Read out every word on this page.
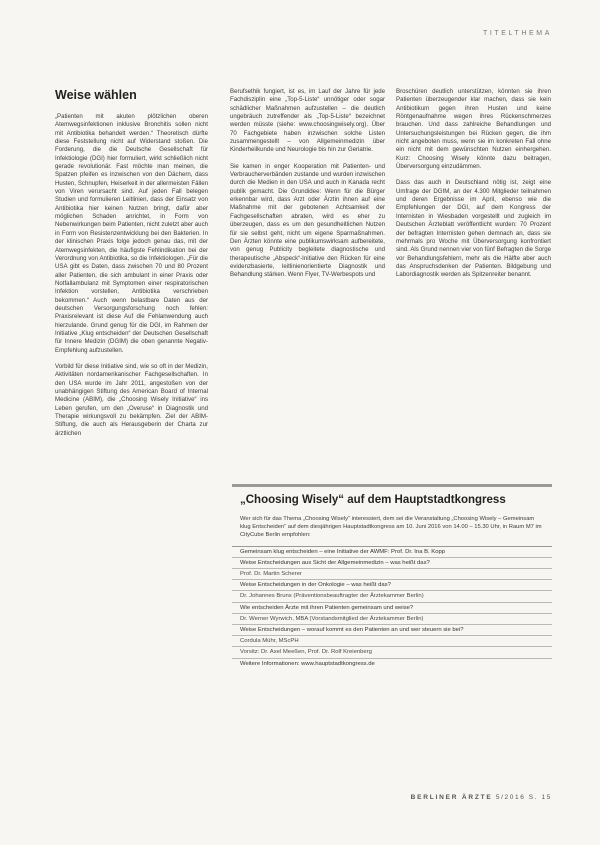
TITELTHEMA
Weise wählen

„Patienten mit akuten plötzlichen oberen Atemwegsinfektionen inklusive Bronchitis sollen nicht mit Antibiotika behandelt werden.“ Theoretisch dürfte diese Feststellung nicht auf Widerstand stoßen. Die Forderung, die die Deutsche Gesellschaft für Infektiologie (DGI) hier formuliert, wirkt schließlich nicht gerade revolutionär. Fast möchte man meinen, die Spatzen pfeifen es inzwischen von den Dächern, dass Husten, Schnupfen, Heiserkeit in der allermeisten Fällen von Viren verursacht sind. Auf jeden Fall belegen Studien und formulieren Leitlinien, dass der Einsatz von Antibiotika hier keinen Nutzen bringt, dafür aber möglichen Schaden anrichtet, in Form von Nebenwirkungen beim Patienten, nicht zuletzt aber auch in Form von Resistenzentwicklung bei den Bakterien. In der klinischen Praxis folge jedoch genau das, mit der Atemwegsinfekten, die häufigste Fehlindikation bei der Verordnung von Antibiotika, so die Infektiologen. „Für die USA gibt es Daten, dass zwischen 70 und 80 Prozent aller Patienten, die sich ambulant in einer Praxis oder Notfallambulanz mit Symptomen einer respiratorischen Infektion vorstellen, Antibiotika verschrieben bekommen.“ Auch wenn belastbare Daten aus der deutschen Versorgungsforschung noch fehlen: Praxisrelevant ist diese Auf die Fehlanwendung auch hierzulande. Grund genug für die DGI, im Rahmen der Initiative „Klug entscheiden“ der Deutschen Gesellschaft für Innere Medizin (DGIM) die oben genannte Negativ-Empfehlung aufzustellen.

Vorbild für diese Initiative sind, wie so oft in der Medizin, Aktivitäten nordamerikanischer Fachgesellschaften. In den USA wurde im Jahr 2011, angestoßen von der unabhängigen Stiftung des American Board of Internal Medicine (ABIM), die „Choosing Wisely Initiative“ ins Leben gerufen, um den „Overuse“ in Diagnostik und Therapie wirkungsvoll zu bekämpfen. Ziel der ABIM-Stiftung, die auch als Herausgeberin der Charta zur ärztlichen

Berufsethik fungiert, ist es, im Lauf der Jahre für jede Fachdisziplin eine „Top-5-Liste“ unnötiger oder sogar schädlicher Maßnahmen aufzustellen – die deutlich ungebräuch zutreffender als „Top-5-Liste“ bezeichnet werden müsste (siehe: www.choosingwisely.org). Über 70 Fachgebiete haben inzwischen solche Listen zusammengestellt – von Allgemeinmedizin über Kinderheilkunde und Neurologie bis hin zur Geriatrie.

Sie kamen in enger Kooperation mit Patienten- und Verbraucherverbänden zustande und wurden inzwischen durch die Medien in den USA und auch in Kanada recht publik gemacht. Die Grundidee: Wenn für die Bürger erkennbar wird, dass Arzt oder Ärztin ihnen auf eine Maßnahme mit der gebotenen Achtsamkeit der Fachgesellschaften abraten, wird es eher zu überzeugen, dass es um den gesundheitlichen Nutzen für sie selbst geht, nicht um eigene Sparmaßnahmen. Den Ärzten könnte eine publikumswirksam aufbereitete, von genug Publicity begleitete diagnostische und therapeutische „Abspeck“-Initiative den Rücken für eine evidenzbasierte, leitlinienorientierte Diagnostik und Behandlung stärken. Wenn Flyer, TV-Werbespots und

Broschüren deutlich unterstützen, könnten sie ihren Patienten überzeugender klar machen, dass sie kein Antibiotikum gegen ihren Husten und keine Röntgenaufnahme wegen ihres Rückenschmerzes brauchen. Und dass zahlreiche Behandlungen und Untersuchungsleistungen bei Rücken gegen, die ihm nicht angeboten muss, wenn sie im konkreten Fall ohne ein nicht mit dem gewünschten Nutzen einhergehen. Kurz: Choosing Wisely könnte dazu beitragen, Überversorgung einzudämmen.

Dass das auch in Deutschland nötig ist, zeigt eine Umfrage der DGIM, an der 4.300 Mitglieder teilnahmen und deren Ergebnisse im April, ebenso wie die Empfehlungen der DGI, auf dem Kongress der Internisten in Wiesbaden vorgestellt und zugleich im Deutschen Ärzteblatt veröffentlicht wurden: 70 Prozent der befragten Internisten gehen demnach an, dass sie mehrmals pro Woche mit Überversorgung konfrontiert sind. Als Grund nennen vier von fünf Befragten die Sorge vor Behandlungsfehlern, mehr als die Hälfte aber auch das Anspruchsdenken der Patienten. Bildgebung und Labordiagnostik werden als Spitzenreiter benannt.

„Choosing Wisely“ auf dem Hauptstadtkongress

Wer sich für das Thema „Choosing Wisely“ interessiert, dem sei die Veranstaltung „Choosing Wisely – Gemeinsam klug Entscheiden“ auf dem diesjährigen Hauptstadtkongress am 10. Juni 2016 von 14.00 – 15.30 Uhr, in Raum M7 im CityCube Berlin empfohlen:

Gemeinsam klug entscheiden – eine Initiative der AWMF: Prof. Dr. Ina B. Kopp
Weise Entscheidungen aus Sicht der Allgemeinmedizin – was heißt das?
Prof. Dr. Martin Scherer
Weise Entscheidungen in der Onkologie – was heißt das?
Dr. Johannes Bruns (Präventionsbeauftragter der Ärztekammer Berlin)
Wie entscheiden Ärzte mit ihren Patienten gemeinsam und weise?
Dr. Werner Wyrwich, MBA (Vorstandsmitglied der Ärztekammer Berlin)
Weise Entscheidungen – worauf kommt es den Patienten an und wer steuern sie bei?
Cordula Mühr, MScPH
Vorsitz: Dr. Axel Meeßen, Prof. Dr. Rolf Kreienberg
Weitere Informationen: www.hauptstadtkongress.de
BERLINER ÄRZTE 5/2016 S. 15
